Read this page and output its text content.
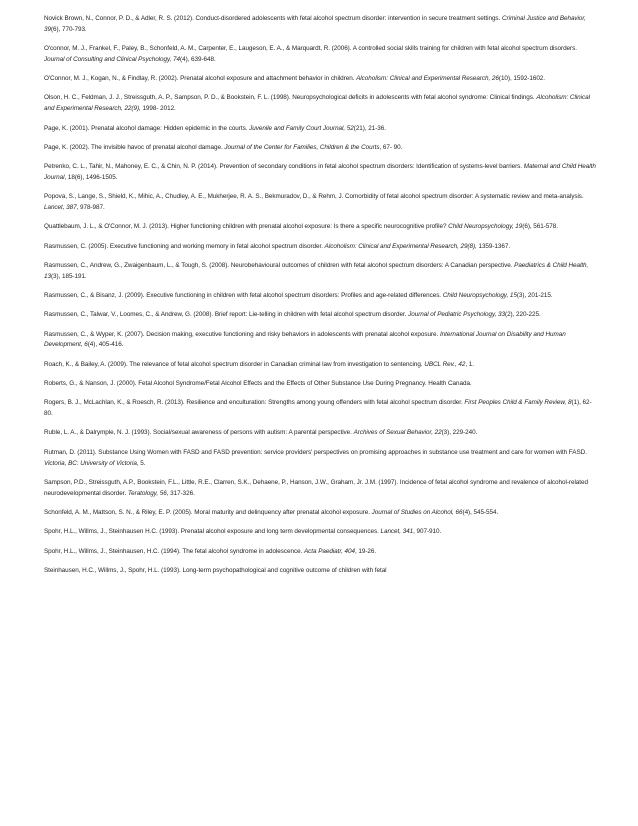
Novick Brown, N., Connor, P. D., & Adler, R. S. (2012). Conduct-disordered adolescents with fetal alcohol spectrum disorder: intervention in secure treatment settings. Criminal Justice and Behavior, 39(6), 770-793.

O'connor, M. J., Frankel, F., Paley, B., Schonfeld, A. M., Carpenter, E., Laugeson, E. A., & Marquardt, R. (2006). A controlled social skills training for children with fetal alcohol spectrum disorders. Journal of Consulting and Clinical Psychology, 74(4), 639-648.

O'Connor, M. J., Kogan, N., & Findlay, R. (2002). Prenatal alcohol exposure and attachment behavior in children. Alcoholism: Clinical and Experimental Research, 26(10), 1592-1602.

Olson, H. C., Feldman, J. J., Streissguth, A. P., Sampson, P. D., & Bookstein, F. L. (1998). Neuropsychological deficits in adolescents with fetal alcohol syndrome: Clinical findings. Alcoholism: Clinical and Experimental Research, 22(9), 1998- 2012.

Page, K. (2001). Prenatal alcohol damage: Hidden epidemic in the courts. Juvenile and Family Court Journal, 52(21), 21-36.

Page, K. (2002). The invisible havoc of prenatal alcohol damage. Journal of the Center for Families, Children & the Courts, 67- 90.

Petrenko, C. L., Tahir, N., Mahoney, E. C., & Chin, N. P. (2014). Prevention of secondary conditions in fetal alcohol spectrum disorders: Identification of systems-level barriers. Maternal and Child Health Journal, 18(6), 1496-1505.

Popova, S., Lange, S., Shield, K., Mihic, A., Chudley, A. E., Mukherjee, R. A. S., Bekmuradov, D., & Rehm, J. Comorbidity of fetal alcohol spectrum disorder: A systematic review and meta-analysis. Lancet, 387, 978-987.

Quattlebaum, J. L., & O'Connor, M. J. (2013). Higher functioning children with prenatal alcohol exposure: Is there a specific neurocognitive profile? Child Neuropsychology, 19(6), 561-578.

Rasmussen, C. (2005). Executive functioning and working memory in fetal alcohol spectrum disorder. Alcoholism: Clinical and Experimental Research, 29(8), 1359-1367.

Rasmussen, C., Andrew, G., Zwaigenbaum, L., & Tough, S. (2008). Neurobehavioural outcomes of children with fetal alcohol spectrum disorders: A Canadian perspective. Paediatrics & Child Health, 13(3), 185-191.

Rasmussen, C., & Bisanz, J. (2009). Executive functioning in children with fetal alcohol spectrum disorders: Profiles and age-related differences. Child Neuropsychology, 15(3), 201-215.

Rasmussen, C., Talwar, V., Loomes, C., & Andrew, G. (2008). Brief report: Lie-telling in children with fetal alcohol spectrum disorder. Journal of Pediatric Psychology, 33(2), 220-225.

Rasmussen, C., & Wyper, K. (2007). Decision making, executive functioning and risky behaviors in adolescents with prenatal alcohol exposure. International Journal on Disability and Human Development, 6(4), 405-416.

Roach, K., & Bailey, A. (2009). The relevance of fetal alcohol spectrum disorder in Canadian criminal law from investigation to sentencing. UBCL Rev., 42, 1.

Roberts, G., & Nanson, J. (2000). Fetal Alcohol Syndrome/Fetal Alcohol Effects and the Effects of Other Substance Use During Pregnancy. Health Canada.

Rogers, B. J., McLachlan, K., & Roesch, R. (2013). Resilience and enculturation: Strengths among young offenders with fetal alcohol spectrum disorder. First Peoples Child & Family Review, 8(1), 62-80.

Ruble, L. A., & Dalrymple, N. J. (1993). Social/sexual awareness of persons with autism: A parental perspective. Archives of Sexual Behavior, 22(3), 229-240.

Rutman, D. (2011). Substance Using Women with FASD and FASD prevention: service providers' perspectives on promising approaches in substance use treatment and care for women with FASD. Victoria, BC: University of Victoria, 5.

Sampson, P.D., Streissguth, A.P., Bookstein, F.L., Little, R.E., Clarren, S.K., Dehaene, P., Hanson, J.W., Graham, Jr. J.M. (1997). Incidence of fetal alcohol syndrome and revalence of alcohol-related neurodevelopmental disorder. Teratology, 56, 317-326.

Schonfeld, A. M., Mattson, S. N., & Riley, E. P. (2005). Moral maturity and delinquency after prenatal alcohol exposure. Journal of Studies on Alcohol, 66(4), 545-554.

Spohr, H.L., Willms, J., Steinhausen H.C. (1993). Prenatal alcohol exposure and long term developmental consequences. Lancet, 341, 907-910.

Spohr, H.L., Willms, J., Steinhausen, H.C. (1994). The fetal alcohol syndrome in adolescence. Acta Paediatr, 404, 19-26.

Steinhausen, H.C., Willms, J., Spohr, H.L. (1993). Long-term psychopathological and cognitive outcome of children with fetal
